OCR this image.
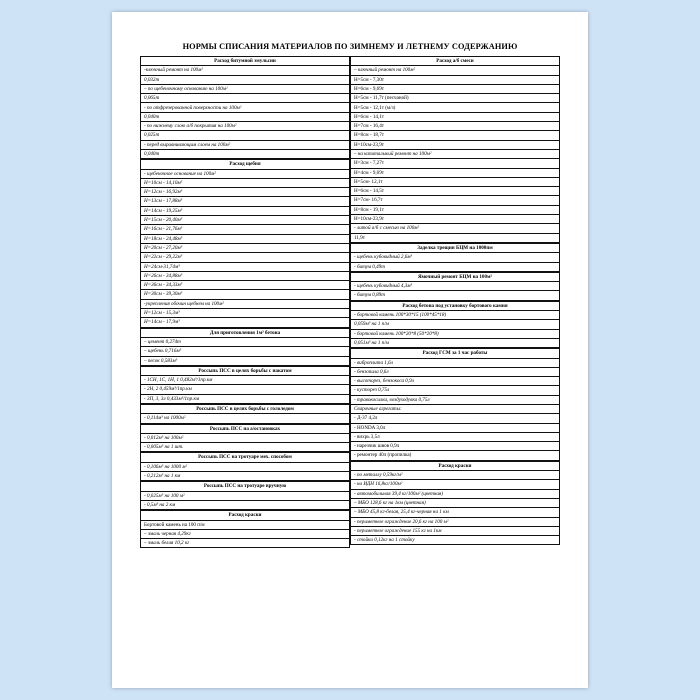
НОРМЫ СПИСАНИЯ МАТЕРИАЛОВ ПО ЗИМНЕМУ И ЛЕТНЕМУ СОДЕРЖАНИЮ
Расход битумной эмульсии
-ключный ремонт на 100м²
0,032т
– по щебеночному основанию на 100м²
0,065т
- по отфрезерованной поверхности на 100м²
0,040т
- по нижнему слою а/б покрытия на 100м²
0,025т
- перед выравнивающим слоем на 100м²
0,040т
Расход щебня
- щебеночное основание на 100м²
Н=10см - 14,10м³
Н=12см - 16,92м³
Н=13см - 17,88м³
Н=14см - 19,25м³
Н=15см - 20,40м³
Н=16см - 21,76м³
Н=18см - 24,48м³
Н=20см - 27,20м³
Н=22см - 29,22м³
Н=24см-31,74м³
Н=26см - 34,88м³
Н=36см - 34,33м³
Н=30см - 39,30м³
-укрепления обочин щебнем на 100м²
Н=12см - 15,3м³
Н=14см - 17,9м³
Для приготовления 1м³ бетона
– цемент 0,274т
– щебень 0,716м³
– песок 0,583м³
Россыпь ПСС в целях борьбы с накатом
- 1СН, 1С, 1Н, 1 0,482м³/1пр.км
- 2Н, 2 0,459м³/1пр.км
- 3П, 3, 3л 0,433м³/1пр.км
Россыпь ПСС в целях борьбы с гололедом
- 0,114м³ на 1000м²
Россыпь ПСС на а/остановках
- 0,012м³ на 100м²
- 0,005м³ на 1 шт.
Россыпь ПСС на тротуаре мех. способом
- 0,106м³ на 1000 м²
- 0,212м³ на 1 км
Россыпь ПСС на тротуаре вручную
- 0,025м³ на 100 м²
- 0,5м³ на 2 км
Расход краски
Бортовой камень на 100 п/м
– эмаль черная 4,29кг
– эмаль белая 10,2 кг
Расход а/б смеси
– ключный ремонт на 100м²
Н=5см - 7,30т
Н=6см - 9,69т
Н=5см - 11,7т (песчаной)
Н=5см - 12,1т (м/з)
Н=6см - 14,1т
Н=7см - 16,4т
Н=8см - 18,7т
Н=10см-23,9т
– на капитальный ремонт на 100м²
Н=3см - 7,27т
Н=4см - 9,69т
Н=5см- 12,1т
Н=6см - 14,5т
Н=7см- 16,7т
Н=8см - 19,1т
Н=10см-23,9т
- литой а/б с смесью на 100м²
11,9т
Заделка трещин БЦМ на 1000пм
- щебень кубовидный 2,6м³
- битум 0,49т
Ямочный ремонт БЦМ на 100м²
- щебень кубовидный 4,3м³
- битум 0,89т
Расход бетона под установку бортового камня
- бортовой камень 100*30*15 (100*45*18)
0,059м³ на 1 п/м
- бортовой камень 100*20*8 (50*20*8)
0,051м³ на 1 п/м
Расход ГСМ за 1 час работы
- виброплита 1,6л
- бензопила 0,6л
- высоторез, бензокоса 0,9л
- кусторез 0,75л
- травокосилка, воздуходувка 0,75л
Сварочные агрегаты:
- Д-37 4,2л
- HONDA 3,0л
- вихрь 3,5л
- нарезчик швов 0,9л
- ремонтер 40л (пропилка)
Расход краски
- по металлу 0,59кг/м²
- на ИДН 16,8кг/100м²
- автомобильная 39,4 кг/100м² (цветная)
– МБО 128,6 кг на 1км (цветная)
– МБО 45,8 кг-белая, 25,4 кг-черная на 1 км
- периметное ограждение 20,6 кг на 100 м²
- периметное ограждение 155 кг на 1км
- стойки 0,12кг на 1 стойку
